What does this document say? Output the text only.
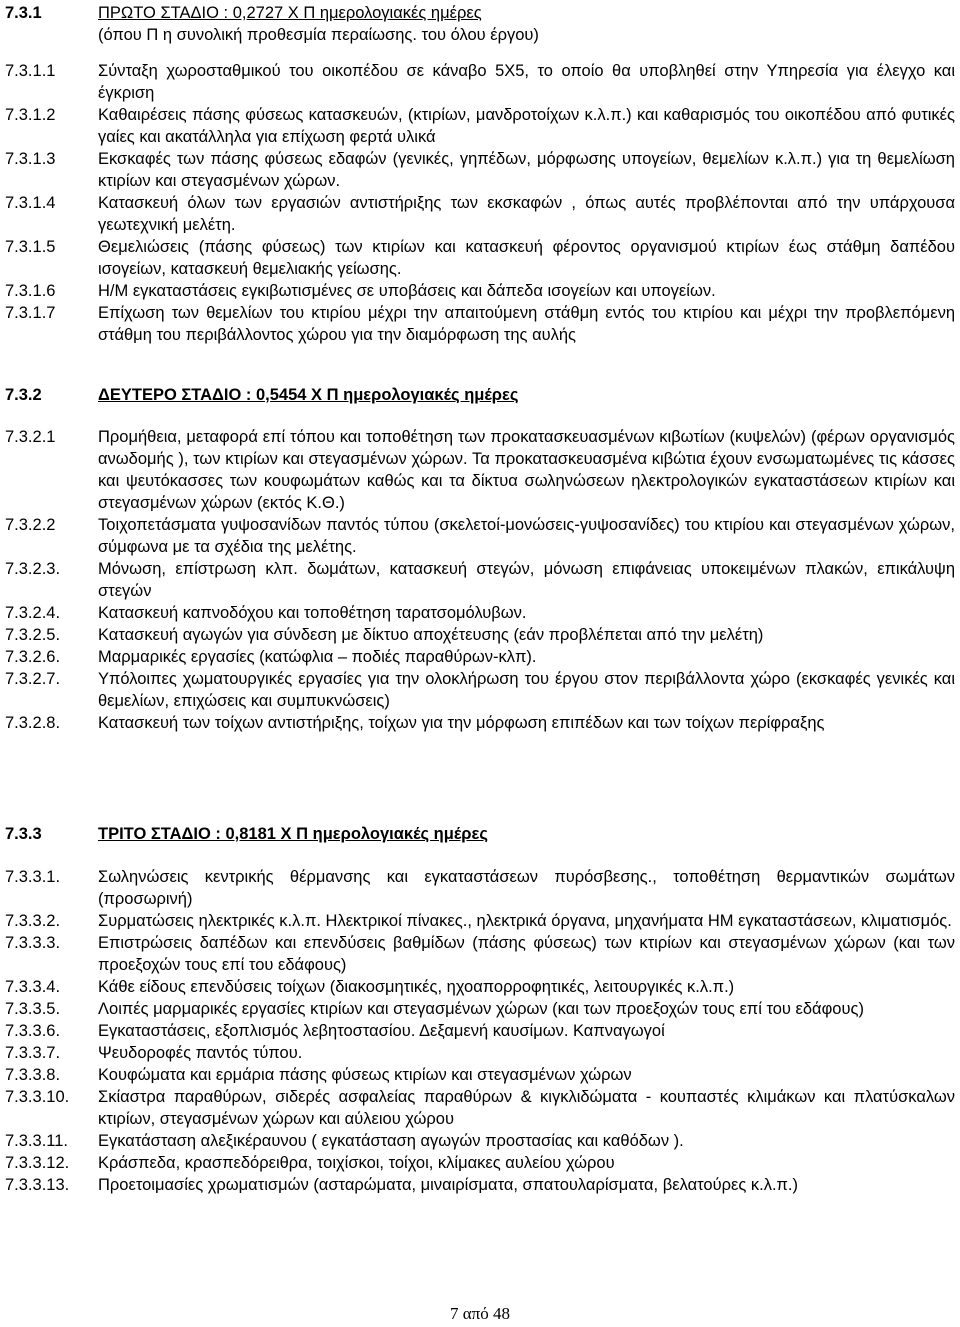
7.3.1	ΠΡΩΤΟ ΣΤΑΔΙΟ : 0,2727 Χ Π ημερολογιακές ημέρες
(όπου Π η συνολική προθεσμία περαίωσης. του όλου έργου)
7.3.1.1	Σύνταξη χωροσταθμικού του οικοπέδου σε κάναβο 5Χ5, το οποίο θα υποβληθεί στην Υπηρεσία για έλεγχο και έγκριση
7.3.1.2	Καθαιρέσεις πάσης φύσεως κατασκευών, (κτιρίων, μανδροτοίχων κ.λ.π.) και καθαρισμός του οικοπέδου από φυτικές γαίες και ακατάλληλα για επίχωση φερτά υλικά
7.3.1.3	Εκσκαφές των πάσης φύσεως εδαφών (γενικές, γηπέδων, μόρφωσης υπογείων, θεμελίων κ.λ.π.) για τη θεμελίωση κτιρίων και στεγασμένων χώρων.
7.3.1.4	Κατασκευή όλων των εργασιών αντιστήριξης των εκσκαφών , όπως αυτές προβλέπονται από την υπάρχουσα γεωτεχνική μελέτη.
7.3.1.5	Θεμελιώσεις (πάσης φύσεως) των κτιρίων και κατασκευή φέροντος οργανισμού κτιρίων έως στάθμη δαπέδου ισογείων, κατασκευή θεμελιακής γείωσης.
7.3.1.6	Η/Μ εγκαταστάσεις εγκιβωτισμένες σε υποβάσεις και δάπεδα ισογείων και υπογείων.
7.3.1.7	Επίχωση των θεμελίων του κτιρίου μέχρι την απαιτούμενη στάθμη εντός του κτιρίου και μέχρι την προβλεπόμενη στάθμη του περιβάλλοντος χώρου για την διαμόρφωση της αυλής
7.3.2	ΔΕΥΤΕΡΟ ΣΤΑΔΙΟ : 0,5454 Χ Π ημερολογιακές ημέρες
7.3.2.1	Προμήθεια, μεταφορά επί τόπου και τοποθέτηση των προκατασκευασμένων κιβωτίων (κυψελών) (φέρων οργανισμός ανωδομής ), των κτιρίων και στεγασμένων χώρων. Τα προκατασκευασμένα κιβώτια έχουν ενσωματωμένες τις κάσσες και ψευτόκασσες των κουφωμάτων καθώς και τα δίκτυα σωληνώσεων ηλεκτρολογικών εγκαταστάσεων κτιρίων και στεγασμένων χώρων (εκτός Κ.Θ.)
7.3.2.2	Τοιχοπετάσματα γυψοσανίδων παντός τύπου (σκελετοί-μονώσεις-γυψοσανίδες) του κτιρίου και στεγασμένων χώρων, σύμφωνα με τα σχέδια της μελέτης.
7.3.2.3.	Μόνωση, επίστρωση κλπ. δωμάτων, κατασκευή στεγών, μόνωση επιφάνειας υποκειμένων πλακών, επικάλυψη στεγών
7.3.2.4.	Κατασκευή καπνοδόχου και τοποθέτηση ταρατσομόλυβων.
7.3.2.5.	Κατασκευή αγωγών για σύνδεση με δίκτυο αποχέτευσης (εάν προβλέπεται από την μελέτη)
7.3.2.6.	Μαρμαρικές εργασίες (κατώφλια – ποδιές παραθύρων-κλπ).
7.3.2.7.	Υπόλοιπες χωματουργικές εργασίες για την ολοκλήρωση του έργου στον περιβάλλοντα χώρο (εκσκαφές γενικές και θεμελίων, επιχώσεις και συμπυκνώσεις)
7.3.2.8.	Κατασκευή των τοίχων αντιστήριξης, τοίχων για την μόρφωση επιπέδων και των τοίχων περίφραξης
7.3.3	ΤΡΙΤΟ ΣΤΑΔΙΟ : 0,8181 Χ Π ημερολογιακές ημέρες
7.3.3.1.	Σωληνώσεις κεντρικής θέρμανσης και εγκαταστάσεων πυρόσβεσης., τοποθέτηση θερμαντικών σωμάτων (προσωρινή)
7.3.3.2.	Συρματώσεις ηλεκτρικές κ.λ.π. Ηλεκτρικοί πίνακες., ηλεκτρικά όργανα, μηχανήματα ΗΜ εγκαταστάσεων, κλιματισμός.
7.3.3.3.	Επιστρώσεις δαπέδων και επενδύσεις βαθμίδων (πάσης φύσεως) των κτιρίων και στεγασμένων χώρων (και των προεξοχών τους επί του εδάφους)
7.3.3.4.	Κάθε είδους επενδύσεις τοίχων (διακοσμητικές, ηχοαπορροφητικές, λειτουργικές κ.λ.π.)
7.3.3.5.	Λοιπές μαρμαρικές εργασίες κτιρίων και στεγασμένων χώρων (και των προεξοχών τους επί του εδάφους)
7.3.3.6.	Εγκαταστάσεις, εξοπλισμός λεβητοστασίου. Δεξαμενή καυσίμων. Καπναγωγοί
7.3.3.7.	Ψευδοροφές παντός τύπου.
7.3.3.8.	Κουφώματα και ερμάρια πάσης φύσεως κτιρίων και στεγασμένων χώρων
7.3.3.10.	Σκίαστρα παραθύρων, σιδερές ασφαλείας παραθύρων & κιγκλιδώματα - κουπαστές κλιμάκων και πλατύσκαλων κτιρίων, στεγασμένων χώρων και αύλειου χώρου
7.3.3.11.	Εγκατάσταση αλεξικέραυνου ( εγκατάσταση αγωγών προστασίας και καθόδων ).
7.3.3.12.	Κράσπεδα, κρασπεδόρειθρα, τοιχίσκοι, τοίχοι, κλίμακες αυλείου χώρου
7.3.3.13.	Προετοιμασίες χρωματισμών (ασταρώματα, μιναιρίσματα, σπατουλαρίσματα, βελατούρες κ.λ.π.)
7 από 48
